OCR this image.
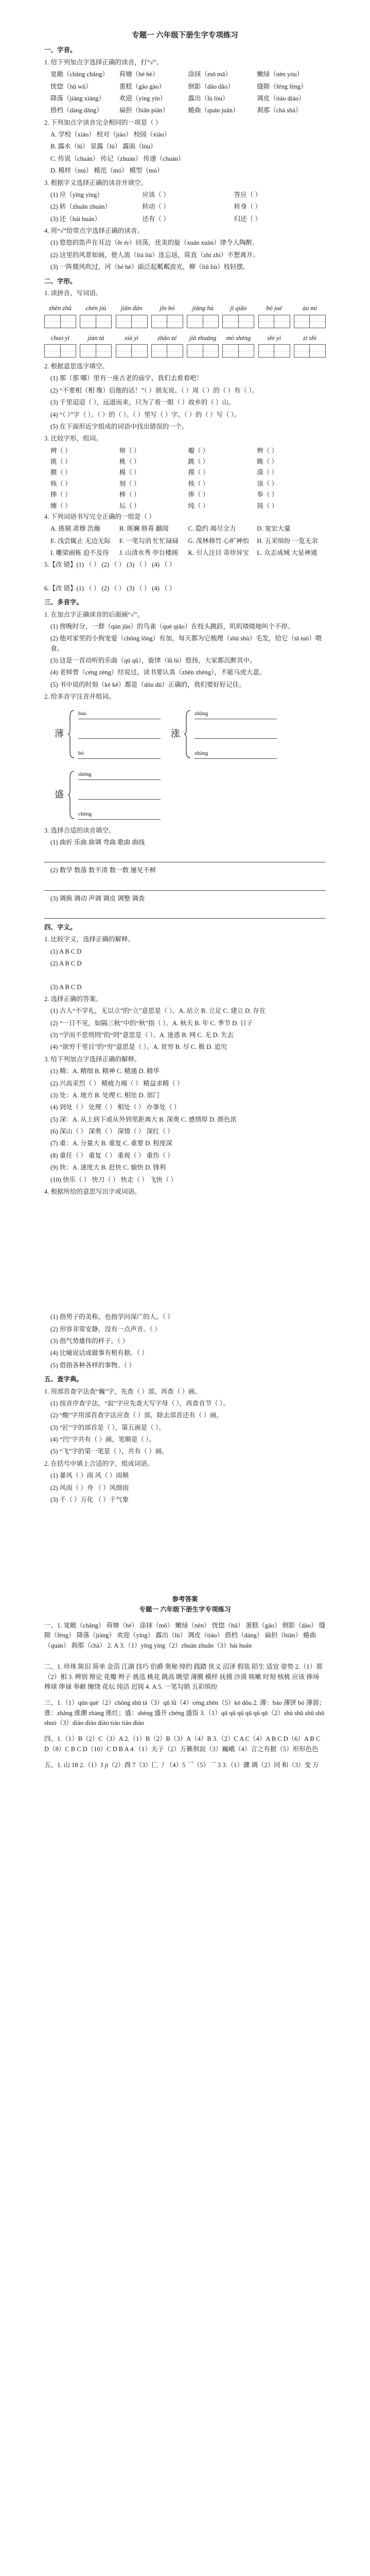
专题一 六年级下册生字专项练习
一、字音。
1. 给下列加点字选择正确的读音，打“√”。
宽敞（chǎng chǎng）	荷塘（hé hè）	涂抹（mǒ mā）	嫩绿（nèn yòu）
恍惚（hū wǔ）	蛋糕（gāo gào）	倒影（dào dǎo）	缝隙（féng fèng）
降落（jiàng xiáng）	欢迎（yíng yín）	露出（lù lòu）	调皮（tiáo diào）
搭档（dàng dǎng）	扁担（biǎn piān）	蜷曲（quán juǎn）	刹那（chà shà）
2. 下列加点字读音完全相同的一项是（ ）
A. 学校（xiào） 校对（jiào） 校园（xiào）
B. 露水（lù） 显露（lù） 露面（lòu）
C. 传说（chuán） 传记（zhuàn） 传递（chuán）
D. 模样（mú） 模范（mó） 模型（mó）
3. 根据字义选择正确的读音并填空。
(1) 应（yīng yìng）	应该（ ）	答应（ ）
(2) 转（zhuǎn zhuàn）	转动（ ）	转身（ ）
(3) 还（hái huán）	还有（ ）	归还（ ）
4. 用“√”给带点字选择正确的读音。
(1) 悠悠的笛声在耳边（ěr ér）回荡，优美的旋（xuán xuàn）律令人陶醉。
(2) 这里的风景如画，使人流（liú liù）连忘返，简直（zhí zhì）不想离开。
(3) 一阵微风吹过，河（hé hè）面泛起粼粼波光，柳（liǔ liù）枝轻摆。
二、字形。
1. 读拼音，写词语。
zhēn zhū	chén jiù	jiǎn dān	jīn bó	jiāng hú	jī qiǎo	bó jué	ào mì
chuò yì	jiàn tà	xiá yì	zhǎo zé	jiǎ zhuāng	mò shēng	shì yì	zī shì
2. 根据意思选字填空。
(1) 那（那 哪）里有一座古老的庙宇，我们去看看吧！
(2) “不要相（相 像）信他的话！”（ ）朋友说。（ ）周（ ）的（ ）有（ ）。
(3) 千里迢迢（ ），远道而来，只为了看一眼（ ）故乡的（ ）山。
(4) “（ ）”字（ ）。（ ）的（ ）。（ ）里写（ ）字。（ ）的（ ）写（ ）。
(5) 在下面形近字组成的词语中找出错误的一个。
3. 比较字形，组词。
辨（ ）	辩（ ）	瓣（ ）	辫（ ）
挑（ ）	桃（ ）	跳（ ）	眺（ ）
膜（ ）	模（ ）	摸（ ）	漠（ ）
咳（ ）	刻（ ）	核（ ）	该（ ）
捧（ ）	棒（ ）	俸（ ）	奉（ ）
缠（ ）	坛（ ）	纯（ ）	钝（ ）
4. 下列词语书写完全正确的一组是（ ）
A. 挑剔 肃穆 浩瀚	B. 斑斓 修葺 翻阅	C. 隐约 竭尽全力	D. 宽宏大量
E. 浅尝辄止 无边无际	F. 一笔勾消 忙忙碌碌	G. 茂林修竹 心旷神怡	H. 五采缤纷 一览无余
I. 雕梁画栋 迫不及待	J. 山清水秀 亭台楼阁	K. 引人注目 奇珍异宝	L. 众志成城 大显神通
5.【改 错】(1) （ ） (2) （ ） (3) （ ） (4) （ ）
6.【改 错】(1) （ ） (2) （ ） (3) （ ） (4) （ ）
三、多音字。
1. 在加点字正确读音的后面画“√”。
(1) 傍晚时分，一群（qún jūn）的鸟雀（què qiǎo）在枝头跳跃，叽叽喳喳地叫个不停。
(2) 他对家里的小狗宠爱（chǒng lǒng）有加，每天都为它梳理（shū shù）毛发，给它（tā tuō）喂食。
(3) 这是一首动听的乐曲（qū qǔ），旋律（lǜ lù）悠扬，大家都沉醉其中。
(4) 老师曾（céng zēng）经说过，读书要认真（zhēn zhēng），不能马虎大意。
(5) 书中说的时刻（kè kē）都是（dōu dū）正确的，我们要好好记住。
2. 给多音字注音并组词。
薄
báo
bó
涨
zhǎng
zhàng
盛
shèng
chéng
3. 选择合适的读音填空。
(1) 曲折 乐曲 曲调 弯曲 歌曲 曲线
(2) 数学 数落 数不清 数一数 屡见不鲜
(3) 调换 调动 声调 调皮 调整 调查
四、字义。
1. 比较字义，选择正确的解释。
(1) A B C D
(2) A B C D
(3) A B C D
2. 选择正确的答案。
(1) 古人“不学礼，无以立”的“立”意思是（ ）。A. 站立 B. 立足 C. 建立 D. 存在
(2) “一日不见，如隔三秋”中的“秋”指（ ）。A. 秋天 B. 年 C. 季节 D. 日子
(3) “学而不思则罔”的“罔”意思是（ ）。A. 迷惑 B. 网 C. 无 D. 失去
(4) “欲穷千里目”的“穷”意思是（ ）。A. 贫穷 B. 尽 C. 极 D. 追究
3. 给下列加点字选择正确的解释。
(1) 精：A. 精细 B. 精神 C. 精通 D. 精华
(2) 兴高采烈（ ） 精疲力竭（ ） 精益求精（ ）
(3) 处：A. 地方 B. 处理 C. 相处 D. 部门
(4) 到处（ ） 处理（ ） 相处（ ） 办事处（ ）
(5) 深：A. 从上到下或从外到里距离大 B. 深奥 C. 感情厚 D. 颜色浓
(6) 深山（ ） 深奥（ ） 深情（ ） 深红（ ）
(7) 重：A. 分量大 B. 重复 C. 重要 D. 程度深
(8) 重任（ ） 重复（ ） 重视（ ） 重伤（ ）
(9) 快：A. 速度大 B. 赶快 C. 愉快 D. 锋利
(10) 快乐（ ） 快刀（ ） 快走（ ） 飞快（ ）
4. 根据所给的意思写出字或词语。
(1) 指男子的美称，也指学问深广的人。（ ）
(2) 形容非常安静，没有一点声音。（ ）
(3) 指气势雄伟的样子。（ ）
(4) 比喻说话或做事有根有据。（ ）
(5) 借指各种各样的事物。（ ）
五、查字典。
1. 用部首查字法查“巍”字，先查（ ）部，再查（ ）画。
(1) 按音序查字法，“寂”字应先查大写字母（ ），再查音节（ ）。
(2) “酸”字用部首查字法应查（ ）部，除去部首还有（ ）画。
(3) “匠”字的部首是（ ），第五画是（ ）。
(4) “凹”字共有（ ）画，笔顺是（ ）。
(5) “飞”字的第一笔是（ ），共有（ ）画。
2. 在括号中填上合适的字，组成词语。
(1) 暴风（ ）雨 风（ ）雨顺
(2) 风雨（ ）舟 （ ）风细雨
(3) 千（ ）万化 （ ）千气象
参考答案
专题一 六年级下册生字专项练习
一、1. 宽敞（chǎng） 荷塘（hé） 涂抹（mǒ） 嫩绿（nèn） 恍惚（hū） 蛋糕（gāo） 倒影（dào） 缝隙（fèng） 降落（jiàng） 欢迎（yíng） 露出（lù） 调皮（tiáo） 搭档（dàng） 扁担（biǎn） 蜷曲（quán） 刹那（chà） 2. A 3.（1）yīng yìng（2）zhuàn zhuǎn（3）hái huán
二、1. 珍珠 陈旧 简单 金箔 江湖 技巧 伯爵 奥秘 绰约 践踏 侠义 沼泽 假装 陌生 适宜 姿势 2.（1）那（2）相 3. 辨别 辩论 花瓣 辫子 挑选 桃花 跳高 眺望 薄膜 模样 抚摸 沙漠 咳嗽 时刻 核桃 应该 捧场 棒球 俸禄 奉献 缠绕 花坛 纯洁 迟钝 4. A 5. 一笔勾销 五彩缤纷
三、1.（1）qún què（2）chǒng shū tā（3）qǔ lǜ（4）céng zhēn（5）kè dōu 2. 薄：báo 薄饼 bó 薄弱；涨：zhǎng 涨潮 zhàng 涨红；盛：shèng 盛开 chéng 盛饭 3.（1）qū qǔ qǔ qū qǔ qū（2）shù shǔ shǔ shǔ shuò（3）diào diào diào tiáo tiáo diào
四、1.（1）B（2）C（3）A 2.（1）B（2）B（3）A（4）B 3.（2）C A C（4）A B C D（6）A B C D（8）C B C D（10）C D B A 4.（1）夫子（2）万籁俱寂（3）巍峨（4）言之有据（5）形形色色
五、1. 山 18 2.（1）J jì（2）酉 7（3）匚 丿（4）5 乛（5）乛 3 3.（1）骤 调（2）同 和（3）变 万
